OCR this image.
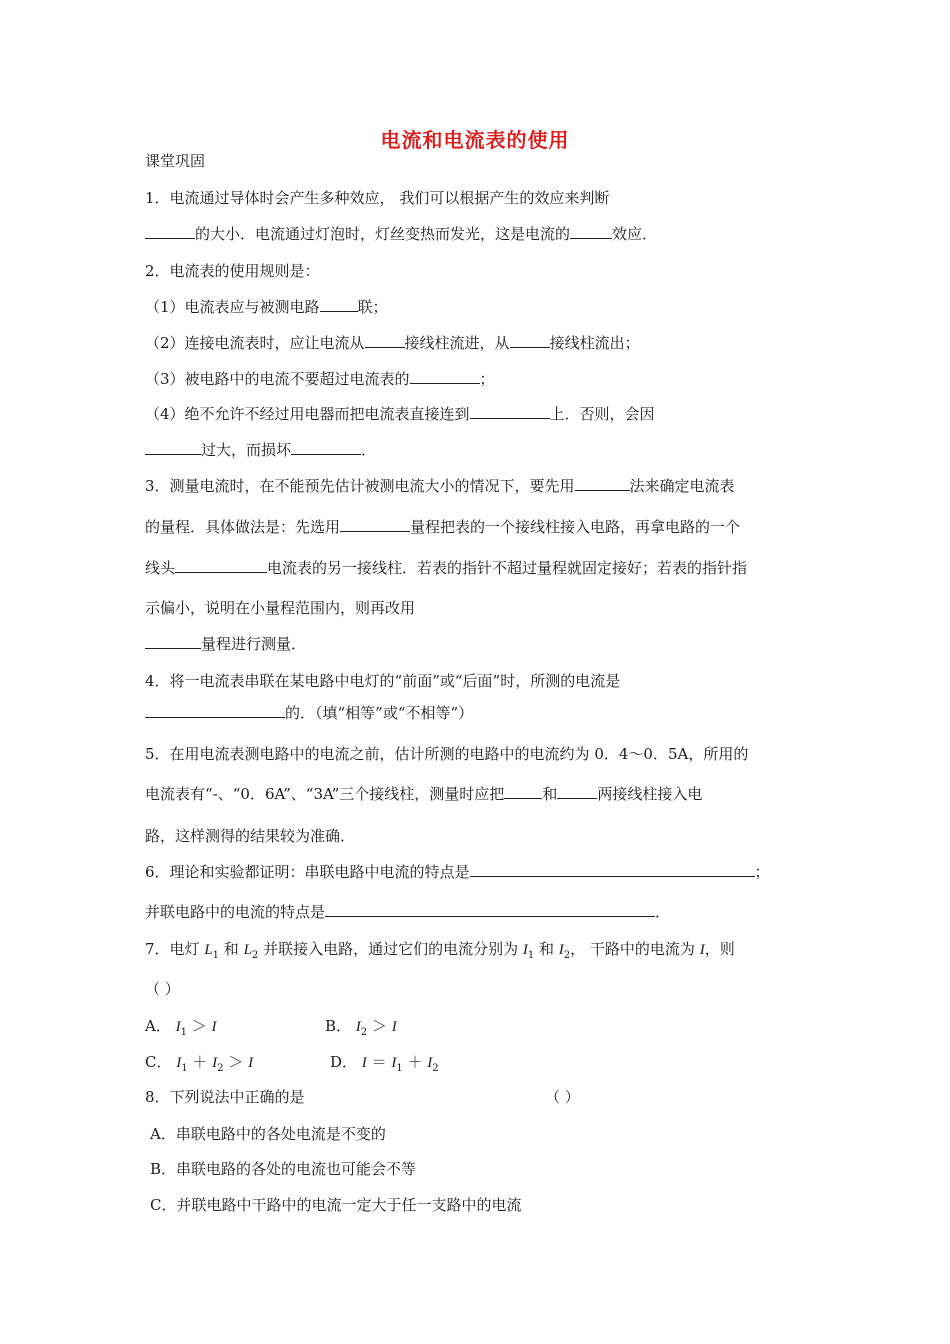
电流和电流表的使用
课堂巩固
1．电流通过导体时会产生多种效应， 我们可以根据产生的效应来判断
的大小．电流通过灯泡时，灯丝变热而发光，这是电流的	效应．
2．电流表的使用规则是：
（1）电流表应与被测电路	联；
（2）连接电流表时，应让电流从	接线柱流进，从	接线柱流出；
（3）被电路中的电流不要超过电流表的	；
（4）绝不允许不经过用电器而把电流表直接连到	上．否则，会因
过大，而损坏	．
3．测量电流时，在不能预先估计被测电流大小的情况下，要先用	法来确定电流表
的量程．具体做法是：先选用	量程把表的一个接线柱接入电路，再拿电路的一个
线头	电流表的另一接线柱．若表的指针不超过量程就固定接好；若表的指针指
示偏小，说明在小量程范围内，则再改用
量程进行测量．
4．将一电流表串联在某电路中电灯的“前面”或“后面”时，所测的电流是
的．（填“相等”或“不相等”）
5．在用电流表测电路中的电流之前，估计所测的电路中的电流约为 0．4～0．5A，所用的
电流表有“-、“0．6A”、“3A”三个接线柱，测量时应把	和	两接线柱接入电
路，这样测得的结果较为准确．
6．理论和实验都证明：串联电路中电流的特点是	；
并联电路中的电流的特点是	．
7．电灯 $L_1$ 和 $L_2$ 并联接入电路，通过它们的电流分别为 $I_1$ 和 $I_2$， 干路中的电流为 I，则
（ ）
A． $I_1 > I$	B． $I_2 > I$
C． $I_1 + I_2 > I$	D． $I = I_1 + I_2$
8．下列说法中正确的是	（ ）
A．串联电路中的各处电流是不变的
B．串联电路的各处的电流也可能会不等
C．并联电路中干路中的电流一定大于任一支路中的电流
